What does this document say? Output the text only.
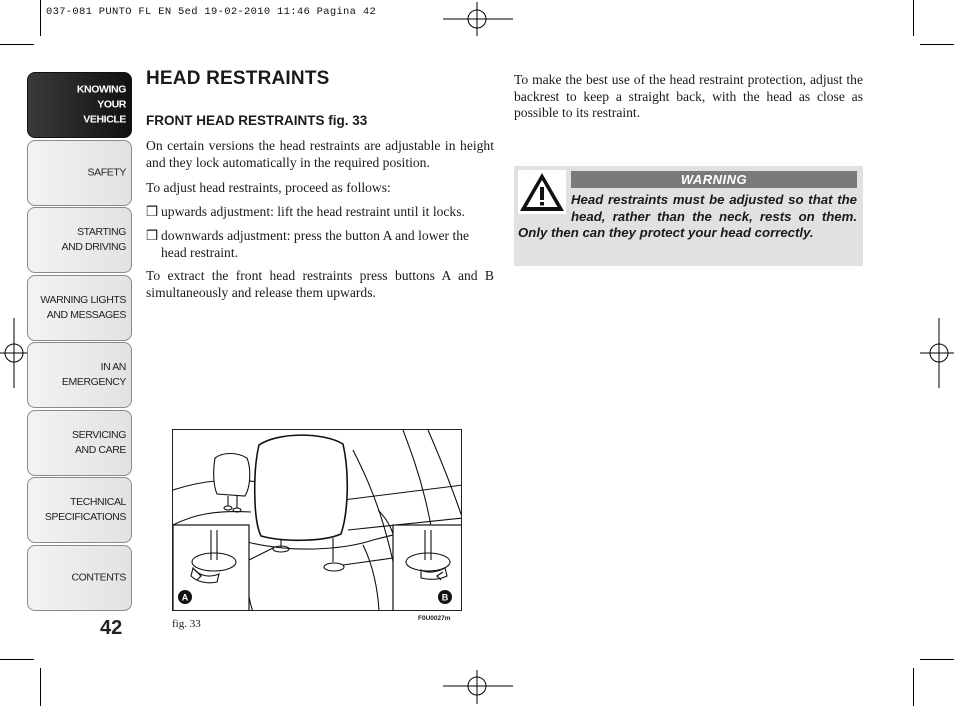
037-081 PUNTO FL EN 5ed 19-02-2010 11:46 Pagina 42
KNOWING
YOUR
VEHICLE
SAFETY
STARTING
AND DRIVING
WARNING LIGHTS
AND MESSAGES
IN AN
EMERGENCY
SERVICING
AND CARE
TECHNICAL
SPECIFICATIONS
CONTENTS
42
HEAD RESTRAINTS
FRONT HEAD RESTRAINTS fig. 33
On certain versions the head restraints are adjustable in height and they lock automatically in the required position.
To adjust head restraints, proceed as follows:
❒ upwards adjustment: lift the head restraint until it locks.
❒ downwards adjustment: press the button A and lower the head restraint.
To extract the front head restraints press buttons A and B simultaneously and release them upwards.
To make the best use of the head restraint protection, adjust the backrest to keep a straight back, with the head as close as possible to its restraint.
WARNING
Head restraints must be adjusted so that the head, rather than the neck, rests on them. Only then can they protect your head correctly.
A	B
fig. 33	F0U0027m
